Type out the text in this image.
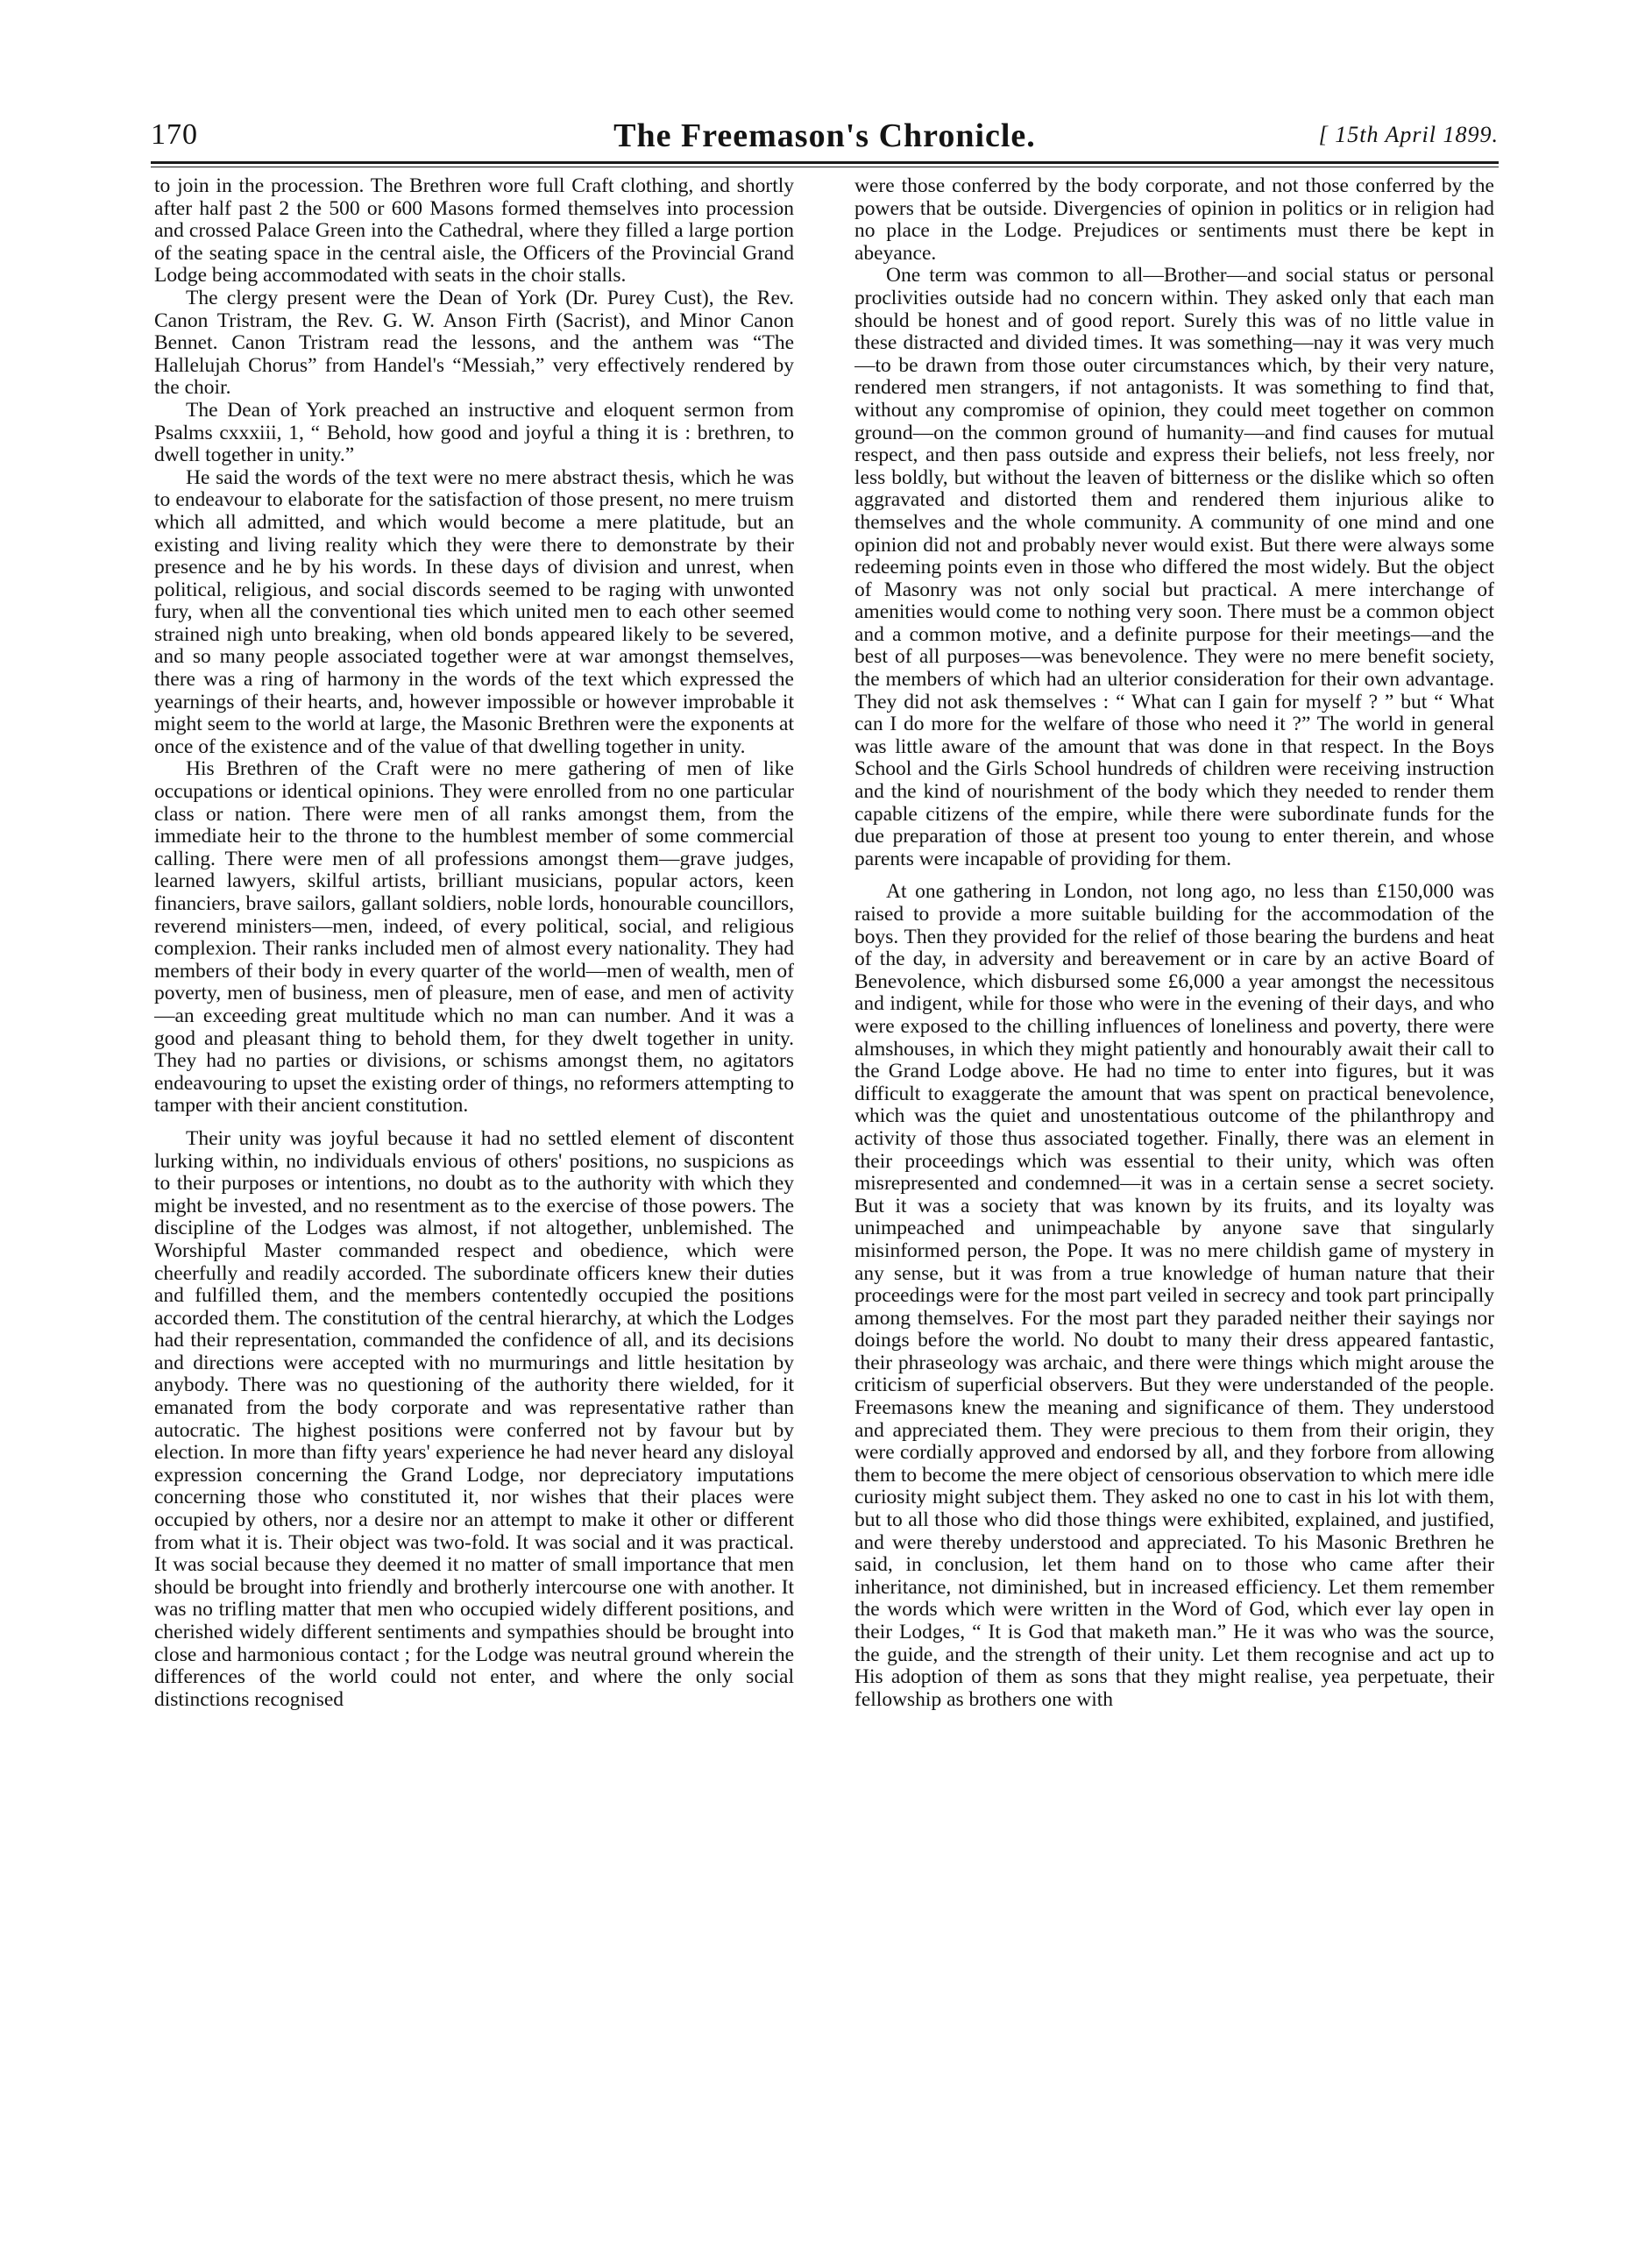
170	The Freemason's Chronicle.	[ 15th April 1899.

to join in the procession. The Brethren wore full Craft clothing, and shortly after half past 2 the 500 or 600 Masons formed themselves into procession and crossed Palace Green into the Cathedral, where they filled a large portion of the seating space in the central aisle, the Officers of the Provincial Grand Lodge being accommodated with seats in the choir stalls.

The clergy present were the Dean of York (Dr. Purey Cust), the Rev. Canon Tristram, the Rev. G. W. Anson Firth (Sacrist), and Minor Canon Bennet. Canon Tristram read the lessons, and the anthem was “The Hallelujah Chorus” from Handel's “Messiah,” very effectively rendered by the choir.

The Dean of York preached an instructive and eloquent sermon from Psalms cxxxiii, 1, “ Behold, how good and joyful a thing it is : brethren, to dwell together in unity.”

He said the words of the text were no mere abstract thesis, which he was to endeavour to elaborate for the satisfaction of those present, no mere truism which all admitted, and which would become a mere platitude, but an existing and living reality which they were there to demonstrate by their presence and he by his words. In these days of division and unrest, when political, religious, and social discords seemed to be raging with unwonted fury, when all the conventional ties which united men to each other seemed strained nigh unto breaking, when old bonds appeared likely to be severed, and so many people associated together were at war amongst themselves, there was a ring of harmony in the words of the text which expressed the yearnings of their hearts, and, however impossible or however improbable it might seem to the world at large, the Masonic Brethren were the exponents at once of the existence and of the value of that dwelling together in unity.

His Brethren of the Craft were no mere gathering of men of like occupations or identical opinions. They were enrolled from no one particular class or nation. There were men of all ranks amongst them, from the immediate heir to the throne to the humblest member of some commercial calling. There were men of all professions amongst them—grave judges, learned lawyers, skilful artists, brilliant musicians, popular actors, keen financiers, brave sailors, gallant soldiers, noble lords, honourable councillors, reverend ministers—men, indeed, of every political, social, and religious complexion. Their ranks included men of almost every nationality. They had members of their body in every quarter of the world—men of wealth, men of poverty, men of business, men of pleasure, men of ease, and men of activity—an exceeding great multitude which no man can number. And it was a good and pleasant thing to behold them, for they dwelt together in unity. They had no parties or divisions, or schisms amongst them, no agitators endeavouring to upset the existing order of things, no reformers attempting to tamper with their ancient constitution.

Their unity was joyful because it had no settled element of discontent lurking within, no individuals envious of others' positions, no suspicions as to their purposes or intentions, no doubt as to the authority with which they might be invested, and no resentment as to the exercise of those powers. The discipline of the Lodges was almost, if not altogether, unblemished. The Worshipful Master commanded respect and obedience, which were cheerfully and readily accorded. The subordinate officers knew their duties and fulfilled them, and the members contentedly occupied the positions accorded them. The constitution of the central hierarchy, at which the Lodges had their representation, commanded the confidence of all, and its decisions and directions were accepted with no murmurings and little hesitation by anybody. There was no questioning of the authority there wielded, for it emanated from the body corporate and was representative rather than autocratic. The highest positions were conferred not by favour but by election. In more than fifty years' experience he had never heard any disloyal expression concerning the Grand Lodge, nor depreciatory imputations concerning those who constituted it, nor wishes that their places were occupied by others, nor a desire nor an attempt to make it other or different from what it is. Their object was two-fold. It was social and it was practical. It was social because they deemed it no matter of small importance that men should be brought into friendly and brotherly intercourse one with another. It was no trifling matter that men who occupied widely different positions, and cherished widely different sentiments and sympathies should be brought into close and harmonious contact ; for the Lodge was neutral ground wherein the differences of the world could not enter, and where the only social distinctions recognised

were those conferred by the body corporate, and not those conferred by the powers that be outside. Divergencies of opinion in politics or in religion had no place in the Lodge. Prejudices or sentiments must there be kept in abeyance.

One term was common to all—Brother—and social status or personal proclivities outside had no concern within. They asked only that each man should be honest and of good report. Surely this was of no little value in these distracted and divided times. It was something—nay it was very much—to be drawn from those outer circumstances which, by their very nature, rendered men strangers, if not antagonists. It was something to find that, without any compromise of opinion, they could meet together on common ground—on the common ground of humanity—and find causes for mutual respect, and then pass outside and express their beliefs, not less freely, nor less boldly, but without the leaven of bitterness or the dislike which so often aggravated and distorted them and rendered them injurious alike to themselves and the whole community. A community of one mind and one opinion did not and probably never would exist. But there were always some redeeming points even in those who differed the most widely. But the object of Masonry was not only social but practical. A mere interchange of amenities would come to nothing very soon. There must be a common object and a common motive, and a definite purpose for their meetings—and the best of all purposes—was benevolence. They were no mere benefit society, the members of which had an ulterior consideration for their own advantage. They did not ask themselves : “ What can I gain for myself ? ” but “ What can I do more for the welfare of those who need it ?” The world in general was little aware of the amount that was done in that respect. In the Boys School and the Girls School hundreds of children were receiving instruction and the kind of nourishment of the body which they needed to render them capable citizens of the empire, while there were subordinate funds for the due preparation of those at present too young to enter therein, and whose parents were incapable of providing for them.

At one gathering in London, not long ago, no less than £150,000 was raised to provide a more suitable building for the accommodation of the boys. Then they provided for the relief of those bearing the burdens and heat of the day, in adversity and bereavement or in care by an active Board of Benevolence, which disbursed some £6,000 a year amongst the necessitous and indigent, while for those who were in the evening of their days, and who were exposed to the chilling influences of loneliness and poverty, there were almshouses, in which they might patiently and honourably await their call to the Grand Lodge above. He had no time to enter into figures, but it was difficult to exaggerate the amount that was spent on practical benevolence, which was the quiet and unostentatious outcome of the philanthropy and activity of those thus associated together. Finally, there was an element in their proceedings which was essential to their unity, which was often misrepresented and condemned—it was in a certain sense a secret society. But it was a society that was known by its fruits, and its loyalty was unimpeached and unimpeachable by anyone save that singularly misinformed person, the Pope. It was no mere childish game of mystery in any sense, but it was from a true knowledge of human nature that their proceedings were for the most part veiled in secrecy and took part principally among themselves. For the most part they paraded neither their sayings nor doings before the world. No doubt to many their dress appeared fantastic, their phraseology was archaic, and there were things which might arouse the criticism of superficial observers. But they were understanded of the people. Freemasons knew the meaning and significance of them. They understood and appreciated them. They were precious to them from their origin, they were cordially approved and endorsed by all, and they forbore from allowing them to become the mere object of censorious observation to which mere idle curiosity might subject them. They asked no one to cast in his lot with them, but to all those who did those things were exhibited, explained, and justified, and were thereby understood and appreciated. To his Masonic Brethren he said, in conclusion, let them hand on to those who came after their inheritance, not diminished, but in increased efficiency. Let them remember the words which were written in the Word of God, which ever lay open in their Lodges, “ It is God that maketh man.” He it was who was the source, the guide, and the strength of their unity. Let them recognise and act up to His adoption of them as sons that they might realise, yea perpetuate, their fellowship as brothers one with
